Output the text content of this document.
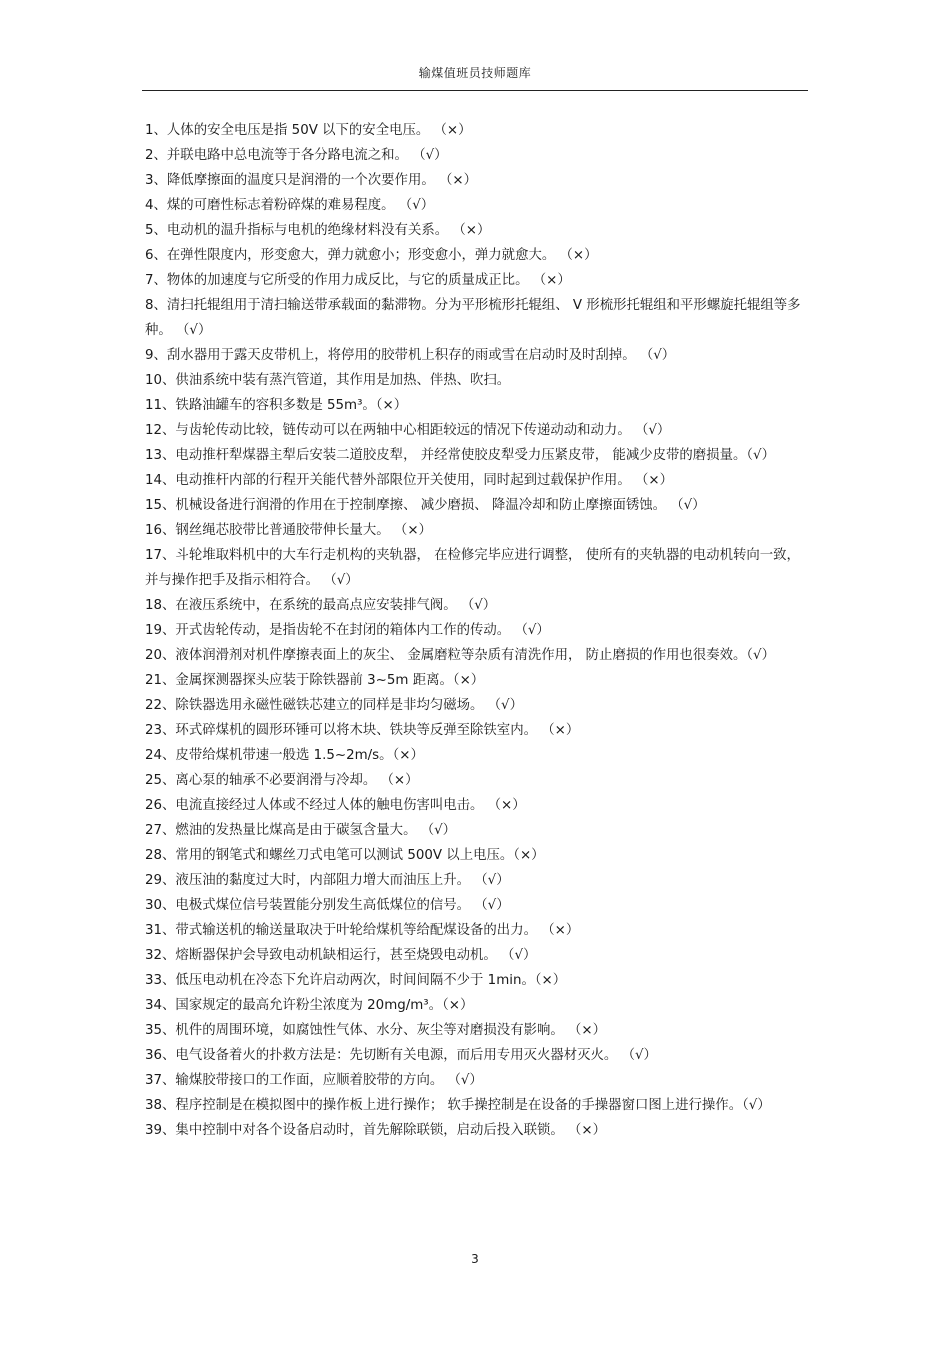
输煤值班员技师题库
1、人体的安全电压是指 50V 以下的安全电压。 （×）
2、并联电路中总电流等于各分路电流之和。 （√）
3、降低摩擦面的温度只是润滑的一个次要作用。 （×）
4、煤的可磨性标志着粉碎煤的难易程度。 （√）
5、电动机的温升指标与电机的绝缘材料没有关系。 （×）
6、在弹性限度内，形变愈大，弹力就愈小；形变愈小，弹力就愈大。 （×）
7、物体的加速度与它所受的作用力成反比，与它的质量成正比。 （×）
8、清扫托辊组用于清扫输送带承载面的黏滞物。分为平形梳形托辊组、 V 形梳形托辊组和平形螺旋托辊组等多种。 （√）
9、刮水器用于露天皮带机上，将停用的胶带机上积存的雨或雪在启动时及时刮掉。 （√）
10、供油系统中装有蒸汽管道，其作用是加热、伴热、吹扫。
11、铁路油罐车的容积多数是 55m³。（×）
12、与齿轮传动比较，链传动可以在两轴中心相距较远的情况下传递动动和动力。 （√）
13、电动推杆犁煤器主犁后安装二道胶皮犁， 并经常使胶皮犁受力压紧皮带， 能减少皮带的磨损量。（√）
14、电动推杆内部的行程开关能代替外部限位开关使用，同时起到过载保护作用。 （×）
15、机械设备进行润滑的作用在于控制摩擦、 减少磨损、 降温冷却和防止摩擦面锈蚀。 （√）
16、钢丝绳芯胶带比普通胶带伸长量大。 （×）
17、斗轮堆取料机中的大车行走机构的夹轨器， 在检修完毕应进行调整， 使所有的夹轨器的电动机转向一致，并与操作把手及指示相符合。 （√）
18、在液压系统中，在系统的最高点应安装排气阀。 （√）
19、开式齿轮传动，是指齿轮不在封闭的箱体内工作的传动。 （√）
20、液体润滑剂对机件摩擦表面上的灰尘、 金属磨粒等杂质有清洗作用， 防止磨损的作用也很奏效。（√）
21、金属探测器探头应装于除铁器前 3~5m 距离。（×）
22、除铁器选用永磁性磁铁芯建立的同样是非均匀磁场。 （√）
23、环式碎煤机的圆形环锤可以将木块、铁块等反弹至除铁室内。 （×）
24、皮带给煤机带速一般选 1.5~2m/s。（×）
25、离心泵的轴承不必要润滑与冷却。 （×）
26、电流直接经过人体或不经过人体的触电伤害叫电击。 （×）
27、燃油的发热量比煤高是由于碳氢含量大。 （√）
28、常用的钢笔式和螺丝刀式电笔可以测试 500V 以上电压。（×）
29、液压油的黏度过大时，内部阻力增大而油压上升。 （√）
30、电极式煤位信号装置能分别发生高低煤位的信号。 （√）
31、带式输送机的输送量取决于叶轮给煤机等给配煤设备的出力。 （×）
32、熔断器保护会导致电动机缺相运行，甚至烧毁电动机。 （√）
33、低压电动机在冷态下允许启动两次，时间间隔不少于 1min。（×）
34、国家规定的最高允许粉尘浓度为 20mg/m³。（×）
35、机件的周围环境，如腐蚀性气体、水分、灰尘等对磨损没有影响。 （×）
36、电气设备着火的扑救方法是：先切断有关电源，而后用专用灭火器材灭火。 （√）
37、输煤胶带接口的工作面，应顺着胶带的方向。 （√）
38、程序控制是在模拟图中的操作板上进行操作； 软手操控制是在设备的手操器窗口图上进行操作。（√）
39、集中控制中对各个设备启动时，首先解除联锁，启动后投入联锁。 （×）
3
